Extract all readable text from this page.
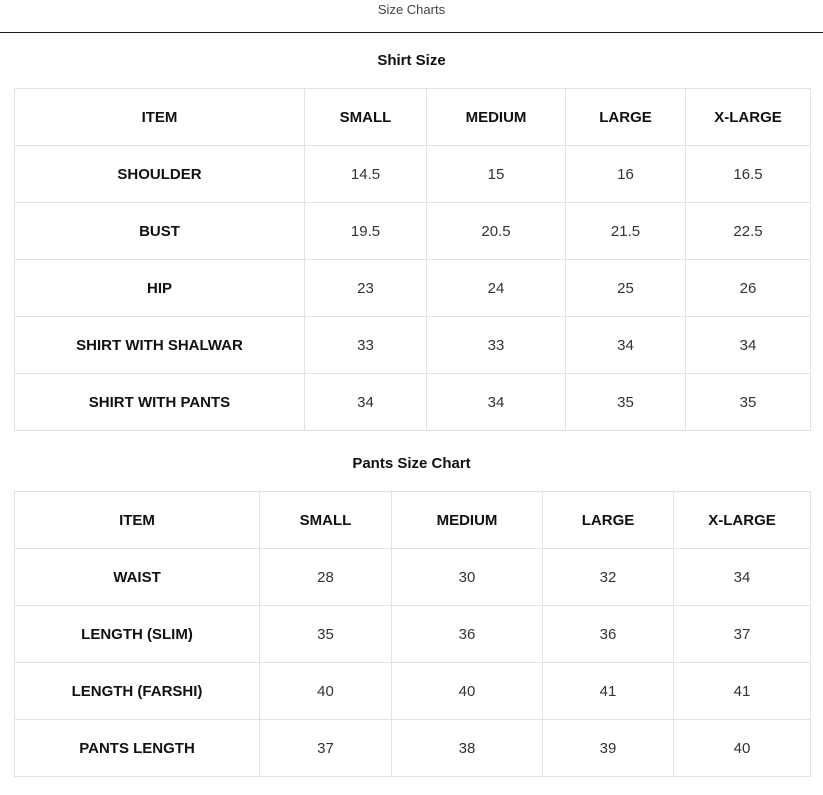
Size Charts
Shirt Size
ITEM	SMALL	MEDIUM	LARGE	X-LARGE
SHOULDER	14.5	15	16	16.5
BUST	19.5	20.5	21.5	22.5
HIP	23	24	25	26
SHIRT WITH SHALWAR	33	33	34	34
SHIRT WITH PANTS	34	34	35	35
Pants Size Chart
ITEM	SMALL	MEDIUM	LARGE	X-LARGE
WAIST	28	30	32	34
LENGTH (SLIM)	35	36	36	37
LENGTH (FARSHI)	40	40	41	41
PANTS LENGTH	37	38	39	40
